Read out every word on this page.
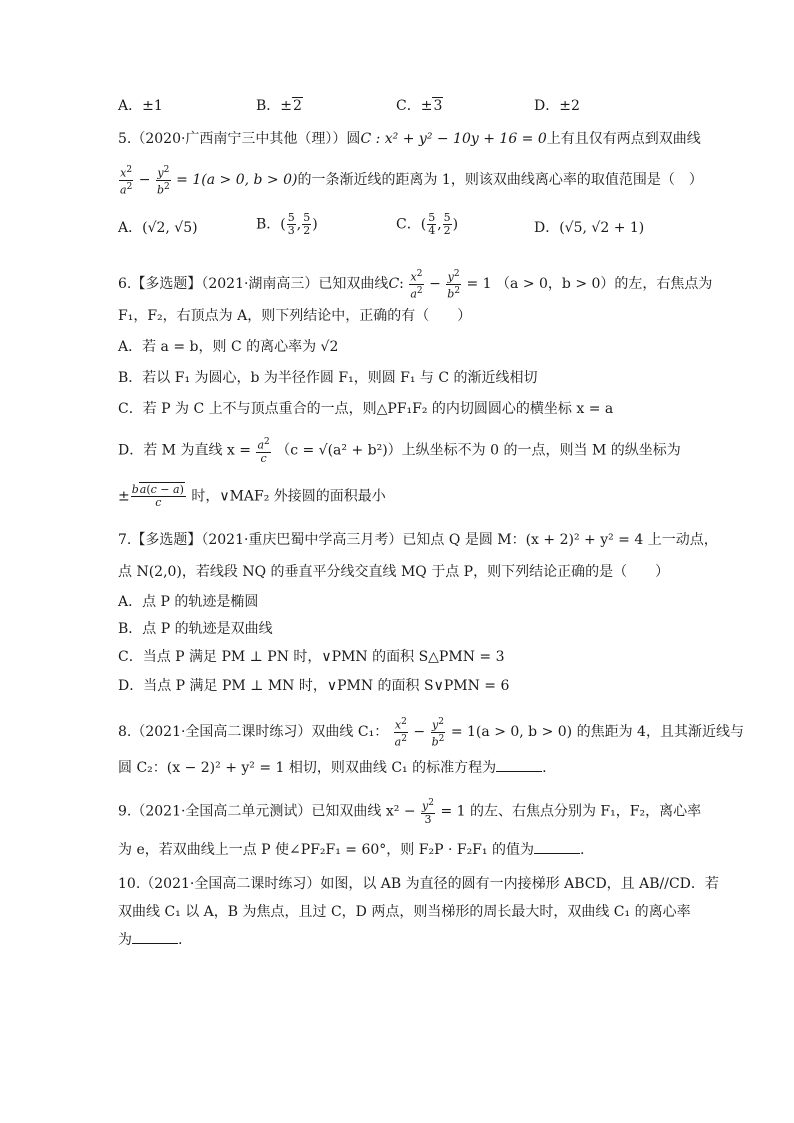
A．±1	B．±2	C．±3	D．±2
5.（2020·广西南宁三中其他（理））圆C : x² + y² − 10y + 16 = 0上有且仅有两点到双曲线
$\frac{x^2}{a^2} - \frac{y^2}{b^2} = 1(a > 0$, b > 0)的一条渐近线的距离为 1，则该双曲线离心率的取值范围是（　）
A．(√2, √5)	B．( $\frac{5}{3}$ , $\frac{5}{2}$ )	C．( $\frac{5}{4}$ , $\frac{5}{2}$ )	D．(√5, √2 + 1)
6.【多选题】（2021·湖南高三）已知双曲线C: $\frac{x^2}{a^2} - \frac{y^2}{b^2} = 1$ （a > 0，b > 0）的左，右焦点为
F₁，F₂，右顶点为 A，则下列结论中，正确的有（　　）
A．若 a = b，则 C 的离心率为 √2
B．若以 F₁ 为圆心，b 为半径作圆 F₁，则圆 F₁ 与 C 的渐近线相切
C．若 P 为 C 上不与顶点重合的一点，则△PF₁F₂ 的内切圆圆心的横坐标 x = a
D．若 M 为直线 $x = \frac{a^2}{c} (c = √(a^2 + b^2))$上纵坐标不为 0 的一点，则当 M 的纵坐标为
± $\frac{ba(c - a)}{c}$ 时，∨MAF₂ 外接圆的面积最小
7.【多选题】（2021·重庆巴蜀中学高三月考）已知点 Q 是圆 M：(x + 2)² + y² = 4 上一动点，
点 N(2,0)，若线段 NQ 的垂直平分线交直线 MQ 于点 P，则下列结论正确的是（　　）
A．点 P 的轨迹是椭圆
B．点 P 的轨迹是双曲线
C．当点 P 满足 PM ⊥ PN 时，∨PMN 的面积 S△PMN = 3
D．当点 P 满足 PM ⊥ MN 时，∨PMN 的面积 S∨PMN = 6
8.（2021·全国高二课时练习）双曲线 C₁： $\frac{x^2}{a^2} - \frac{y^2}{b^2} = 1(a > 0$, b > 0) 的焦距为 4，且其渐近线与
圆 C₂：(x − 2)² + y² = 1 相切，则双曲线 C₁ 的标准方程为	.
9.（2021·全国高二单元测试）已知双曲线 $x^2 - \frac{y^2}{3} = 1$ 的左、右焦点分别为 F₁，F₂，离心率
为 e，若双曲线上一点 P 使∠PF₂F₁ = 60°，则 F₂P · F₂F₁ 的值为	.
10.（2021·全国高二课时练习）如图，以 AB 为直径的圆有一内接梯形 ABCD，且 AB//CD．若
双曲线 C₁ 以 A，B 为焦点，且过 C，D 两点，则当梯形的周长最大时，双曲线 C₁ 的离心率
为	.
